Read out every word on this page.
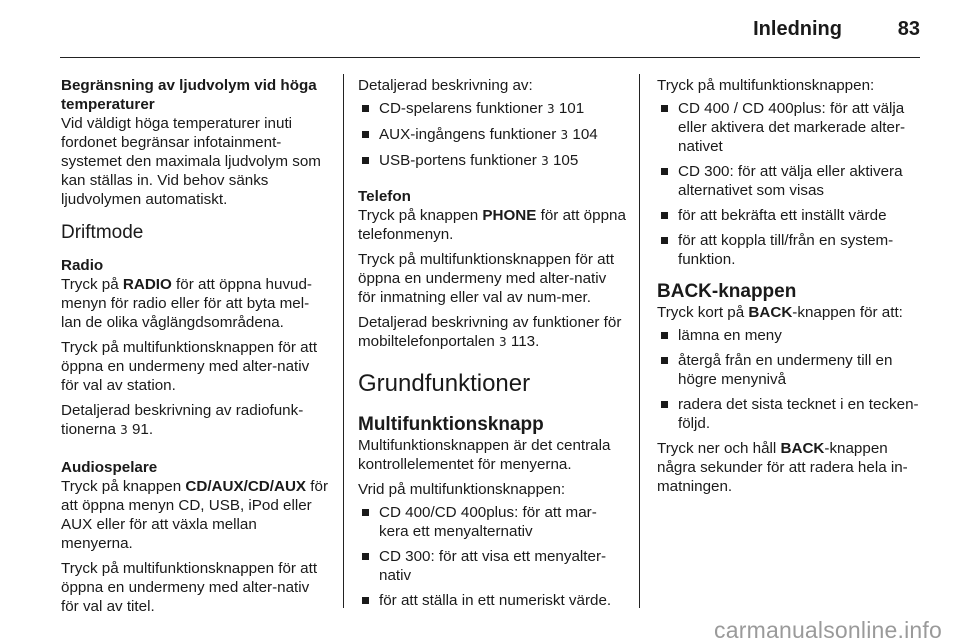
Inledning	83
Begränsning av ljudvolym vid höga temperaturer

Vid väldigt höga temperaturer inuti fordonet begränsar infotainment-systemet den maximala ljudvolym som kan ställas in. Vid behov sänks ljudvolymen automatiskt.

Driftmode
Radio

Tryck på RADIO för att öppna huvud-menyn för radio eller för att byta mel-lan de olika våglängdsområdena.

Tryck på multifunktionsknappen för att öppna en undermeny med alter-nativ för val av station.

Detaljerad beskrivning av radiofunk-tionerna 3 91.

Audiospelare

Tryck på knappen CD/AUX/CD/AUX för att öppna menyn CD, USB, iPod eller AUX eller för att växla mellan menyerna.

Tryck på multifunktionsknappen för att öppna en undermeny med alter-nativ för val av titel.

Detaljerad beskrivning av:

CD-spelarens funktioner 3 101
AUX-ingångens funktioner 3 104
USB-portens funktioner 3 105
Telefon

Tryck på knappen PHONE för att öppna telefonmenyn.

Tryck på multifunktionsknappen för att öppna en undermeny med alter-nativ för inmatning eller val av num-mer.

Detaljerad beskrivning av funktioner för mobiltelefonportalen 3 113.

Grundfunktioner
Multifunktionsknapp

Multifunktionsknappen är det centrala kontrollelementet för menyerna.

Vrid på multifunktionsknappen:

CD 400/CD 400plus: för att mar-kera ett menyalternativ
CD 300: för att visa ett menyalter-nativ
för att ställa in ett numeriskt värde.

Tryck på multifunktionsknappen:

CD 400 / CD 400plus: för att välja eller aktivera det markerade alter-nativet
CD 300: för att välja eller aktivera alternativet som visas
för att bekräfta ett inställt värde
för att koppla till/från en system-funktion.
BACK-knappen

Tryck kort på BACK-knappen för att:

lämna en meny
återgå från en undermeny till en högre menynivå
radera det sista tecknet i en tecken-följd.

Tryck ner och håll BACK-knappen några sekunder för att radera hela in-matningen.

carmanualsonline.info
